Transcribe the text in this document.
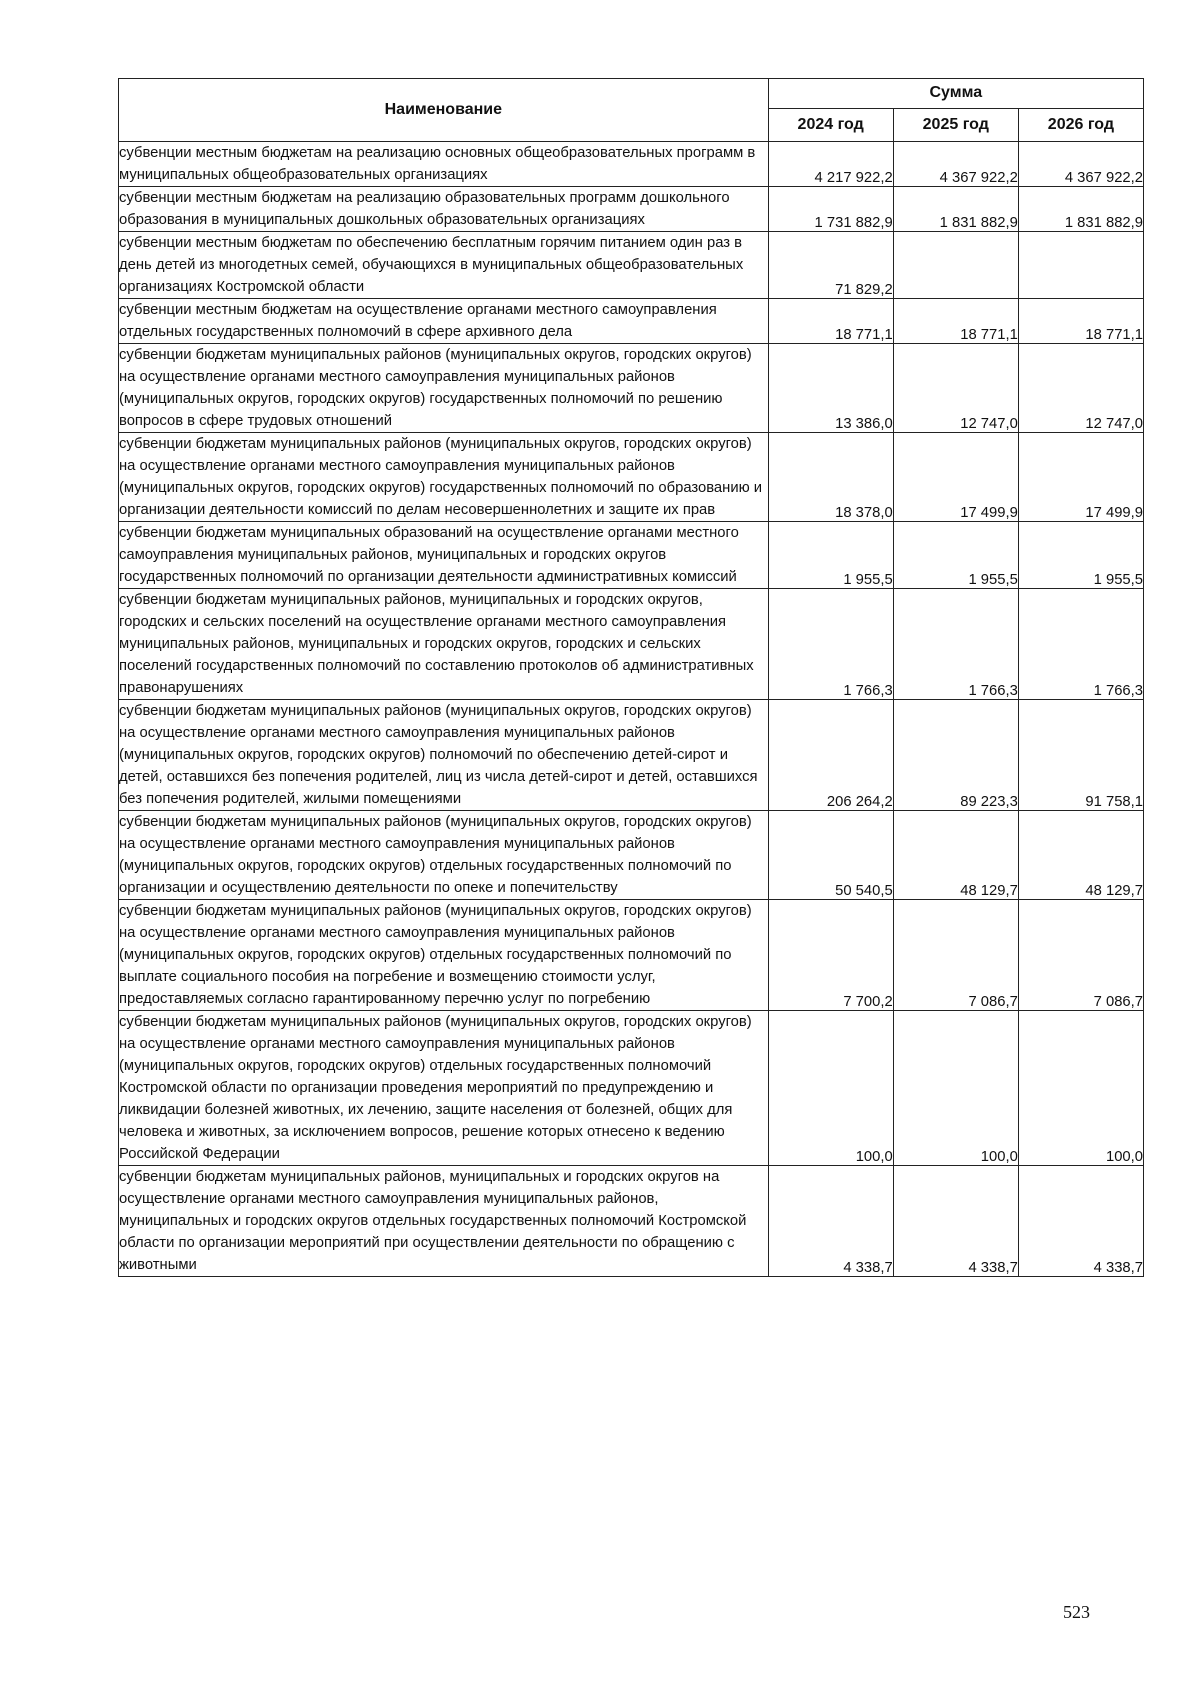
Наименование	Сумма		
	2024 год	2025 год	2026 год
субвенции местным бюджетам на реализацию основных общеобразовательных программ в муниципальных общеобразовательных организациях	4 217 922,2	4 367 922,2	4 367 922,2
субвенции местным бюджетам на реализацию образовательных программ дошкольного образования в муниципальных дошкольных образовательных организациях	1 731 882,9	1 831 882,9	1 831 882,9
субвенции местным бюджетам по обеспечению бесплатным горячим питанием один раз в день детей из многодетных семей, обучающихся в муниципальных общеобразовательных организациях Костромской области	71 829,2		
субвенции местным бюджетам на осуществление органами местного самоуправления отдельных государственных полномочий в сфере архивного дела	18 771,1	18 771,1	18 771,1
субвенции бюджетам муниципальных районов (муниципальных округов, городских округов) на осуществление органами местного самоуправления муниципальных районов (муниципальных округов, городских округов) государственных полномочий по решению вопросов в сфере трудовых отношений	13 386,0	12 747,0	12 747,0
субвенции бюджетам муниципальных районов (муниципальных округов, городских округов) на осуществление органами местного самоуправления муниципальных районов (муниципальных округов, городских округов) государственных полномочий по образованию и организации деятельности комиссий по делам несовершеннолетних и защите их прав	18 378,0	17 499,9	17 499,9
субвенции бюджетам муниципальных образований на осуществление органами местного самоуправления муниципальных районов, муниципальных и городских округов государственных полномочий по организации деятельности административных комиссий	1 955,5	1 955,5	1 955,5
субвенции бюджетам муниципальных районов, муниципальных и городских округов, городских и сельских поселений на осуществление органами местного самоуправления муниципальных районов, муниципальных и городских округов, городских и сельских поселений государственных полномочий по составлению протоколов об административных правонарушениях	1 766,3	1 766,3	1 766,3
субвенции бюджетам муниципальных районов (муниципальных округов, городских округов) на осуществление органами местного самоуправления муниципальных районов (муниципальных округов, городских округов) полномочий по обеспечению детей-сирот и детей, оставшихся без попечения родителей, лиц из числа детей-сирот и детей, оставшихся без попечения родителей, жилыми помещениями	206 264,2	89 223,3	91 758,1
субвенции бюджетам муниципальных районов (муниципальных округов, городских округов) на осуществление органами местного самоуправления муниципальных районов (муниципальных округов, городских округов) отдельных государственных полномочий по организации и осуществлению деятельности по опеке и попечительству	50 540,5	48 129,7	48 129,7
субвенции бюджетам муниципальных районов (муниципальных округов, городских округов) на осуществление органами местного самоуправления муниципальных районов (муниципальных округов, городских округов) отдельных государственных полномочий по выплате социального пособия на погребение и возмещению стоимости услуг, предоставляемых согласно гарантированному перечню услуг по погребению	7 700,2	7 086,7	7 086,7
субвенции бюджетам муниципальных районов (муниципальных округов, городских округов) на осуществление органами местного самоуправления муниципальных районов (муниципальных округов, городских округов) отдельных государственных полномочий Костромской области по организации проведения мероприятий по предупреждению и ликвидации болезней животных, их лечению, защите населения от болезней, общих для человека и животных, за исключением вопросов, решение которых отнесено к ведению Российской Федерации	100,0	100,0	100,0
субвенции бюджетам муниципальных районов, муниципальных и городских округов на осуществление органами местного самоуправления муниципальных районов, муниципальных и городских округов отдельных государственных полномочий Костромской области по организации мероприятий при осуществлении деятельности по обращению с животными	4 338,7	4 338,7	4 338,7
523
